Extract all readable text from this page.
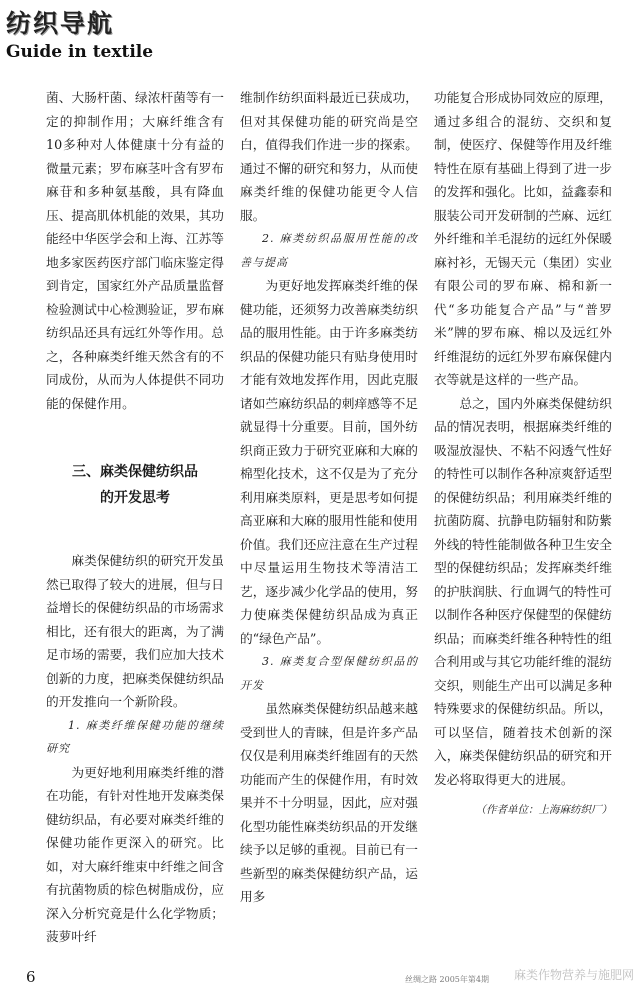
纺织导航
Guide in textile

菌、大肠杆菌、绿浓杆菌等有一定的抑制作用；大麻纤维含有10多种对人体健康十分有益的微量元素；罗布麻茎叶含有罗布麻苷和多种氨基酸，具有降血压、提高肌体机能的效果，其功能经中华医学会和上海、江苏等地多家医药医疗部门临床鉴定得到肯定，国家红外产品质量监督检验测试中心检测验证，罗布麻纺织品还具有远红外等作用。总之，各种麻类纤维天然含有的不同成份，从而为人体提供不同功能的保健作用。

三、麻类保健纺织品
的开发思考

麻类保健纺织的研究开发虽然已取得了较大的进展，但与日益增长的保健纺织品的市场需求相比，还有很大的距离，为了满足市场的需要，我们应加大技术创新的力度，把麻类保健纺织品的开发推向一个新阶段。

1. 麻类纤维保健功能的继续研究

为更好地利用麻类纤维的潜在功能，有针对性地开发麻类保健纺织品，有必要对麻类纤维的保健功能作更深入的研究。比如，对大麻纤维束中纤维之间含有抗菌物质的棕色树脂成份，应深入分析究竟是什么化学物质；菠萝叶纤

维制作纺织面料最近已获成功，但对其保健功能的研究尚是空白，值得我们作进一步的探索。通过不懈的研究和努力，从而使麻类纤维的保健功能更令人信服。

2. 麻类纺织品服用性能的改善与提高

为更好地发挥麻类纤维的保健功能，还须努力改善麻类纺织品的服用性能。由于许多麻类纺织品的保健功能只有贴身使用时才能有效地发挥作用，因此克服诸如苎麻纺织品的刺痒感等不足就显得十分重要。目前，国外纺织商正致力于研究亚麻和大麻的棉型化技术，这不仅是为了充分利用麻类原料，更是思考如何提高亚麻和大麻的服用性能和使用价值。我们还应注意在生产过程中尽量运用生物技术等清洁工艺，逐步减少化学品的使用，努力使麻类保健纺织品成为真正的“绿色产品”。

3. 麻类复合型保健纺织品的开发

虽然麻类保健纺织品越来越受到世人的青睐，但是许多产品仅仅是利用麻类纤维固有的天然功能而产生的保健作用，有时效果并不十分明显，因此，应对强化型功能性麻类纺织品的开发继续予以足够的重视。目前已有一些新型的麻类保健纺织产品，运用多

功能复合形成协同效应的原理，通过多组合的混纺、交织和复制，使医疗、保健等作用及纤维特性在原有基础上得到了进一步的发挥和强化。比如，益鑫泰和服装公司开发研制的苎麻、远红外纤维和羊毛混纺的远红外保暖麻衬衫，无锡天元（集团）实业有限公司的罗布麻、棉和新一代“多功能复合产品”与“普罗米”牌的罗布麻、棉以及远红外纤维混纺的远红外罗布麻保健内衣等就是这样的一些产品。

总之，国内外麻类保健纺织品的情况表明，根据麻类纤维的吸湿放湿快、不粘不闷透气性好的特性可以制作各种凉爽舒适型的保健纺织品；利用麻类纤维的抗菌防腐、抗静电防辐射和防紫外线的特性能制做各种卫生安全型的保健纺织品；发挥麻类纤维的护肤润肤、行血调气的特性可以制作各种医疗保健型的保健纺织品；而麻类纤维各种特性的组合利用或与其它功能纤维的混纺交织，则能生产出可以满足多种特殊要求的保健纺织品。所以，可以坚信，随着技术创新的深入，麻类保健纺织品的研究和开发必将取得更大的进展。

（作者单位：上海麻纺织厂）

6	丝绸之路 2005年第4期 麻类作物营养与施肥网
